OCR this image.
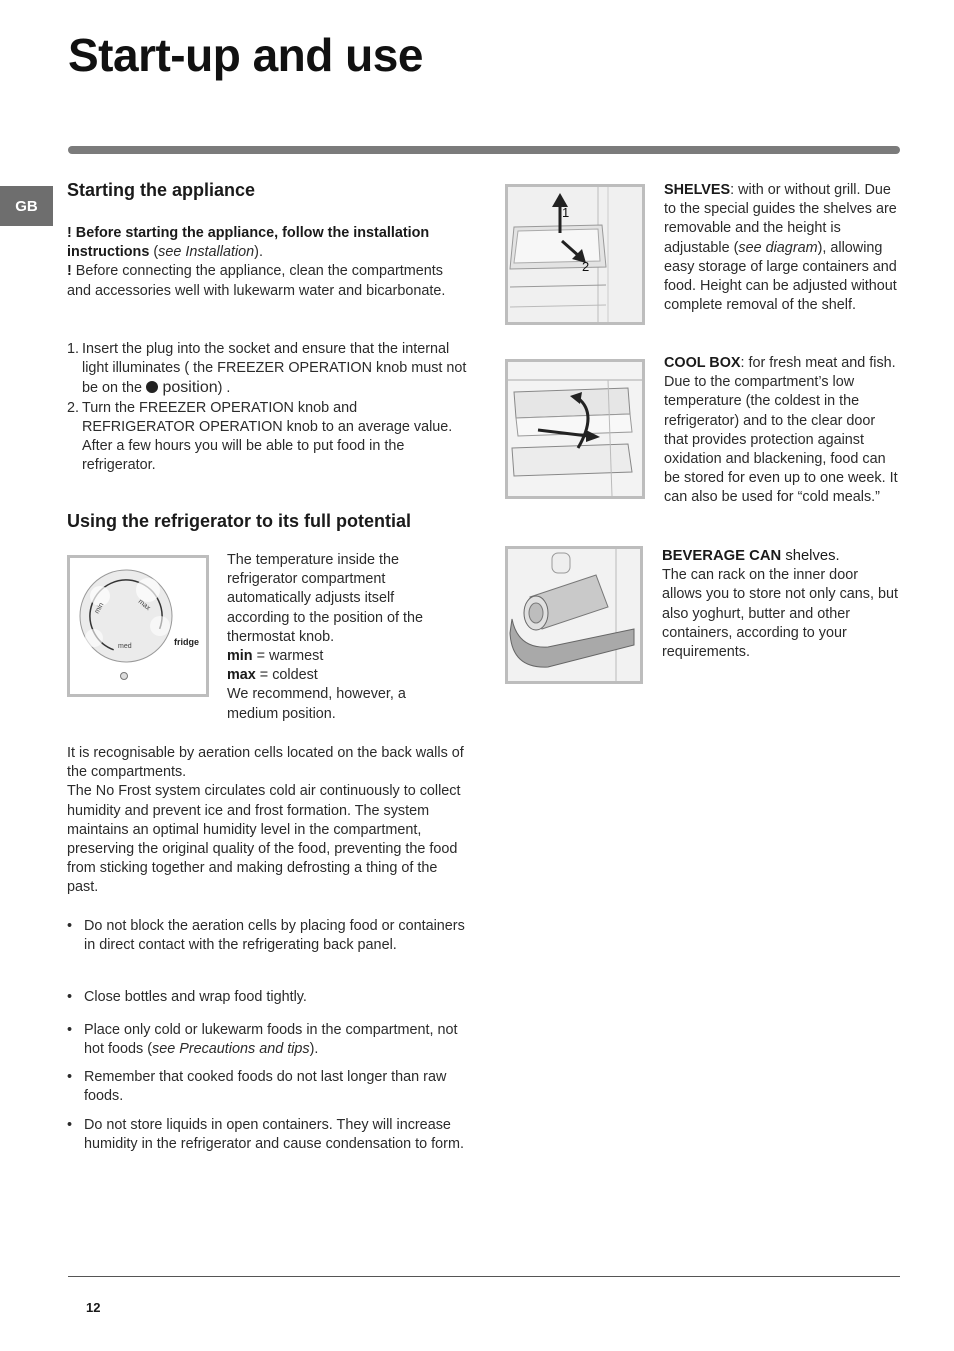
Start-up and use
GB
Starting the appliance

! Before starting the appliance, follow the installation instructions (see Installation).

! Before connecting the appliance, clean the compartments and accessories well with lukewarm water and bicarbonate.

1. Insert the plug into the socket and ensure that the internal light illuminates ( the FREEZER OPERATION knob must not be on the  position) .
2. Turn the FREEZER OPERATION knob and REFRIGERATOR OPERATION knob to an average value. After a few hours you will be able to put food in the refrigerator.
Using the refrigerator to its full potential
min	max
med	fridge

The temperature inside the refrigerator compartment automatically adjusts itself according to the position of the thermostat knob.

min = warmest

max = coldest

We recommend, however, a medium position.

It is recognisable by aeration cells located on the back walls of the compartments.

The No Frost system circulates cold air continuously to collect humidity and prevent ice and frost formation. The system maintains an optimal humidity level in the compartment, preserving the original quality of the food, preventing the food from sticking together and making defrosting a thing of the past.

• Do not block the aeration cells by placing food or containers in direct contact with the refrigerating back panel.
• Close bottles and wrap food tightly.
• Place only cold or lukewarm foods in the compartment, not hot foods (see Precautions and tips).
• Remember that cooked foods do not last longer than raw foods.
• Do not store liquids in open containers. They will increase humidity in the refrigerator and cause condensation to form.
1
2

SHELVES: with or without grill. Due to the special guides the shelves are removable and the height is adjustable (see diagram), allowing easy storage of large containers and food. Height can be adjusted without complete removal of the shelf.

COOL BOX: for fresh meat and fish. Due to the compartment’s low temperature (the coldest in the refrigerator) and to the clear door that provides protection against oxidation and blackening, food can be stored for even up to one week. It can also be used for “cold meals.”

BEVERAGE CAN shelves.

The can rack on the inner door allows you to store not only cans, but also yoghurt, butter and other containers, according to your requirements.

12
